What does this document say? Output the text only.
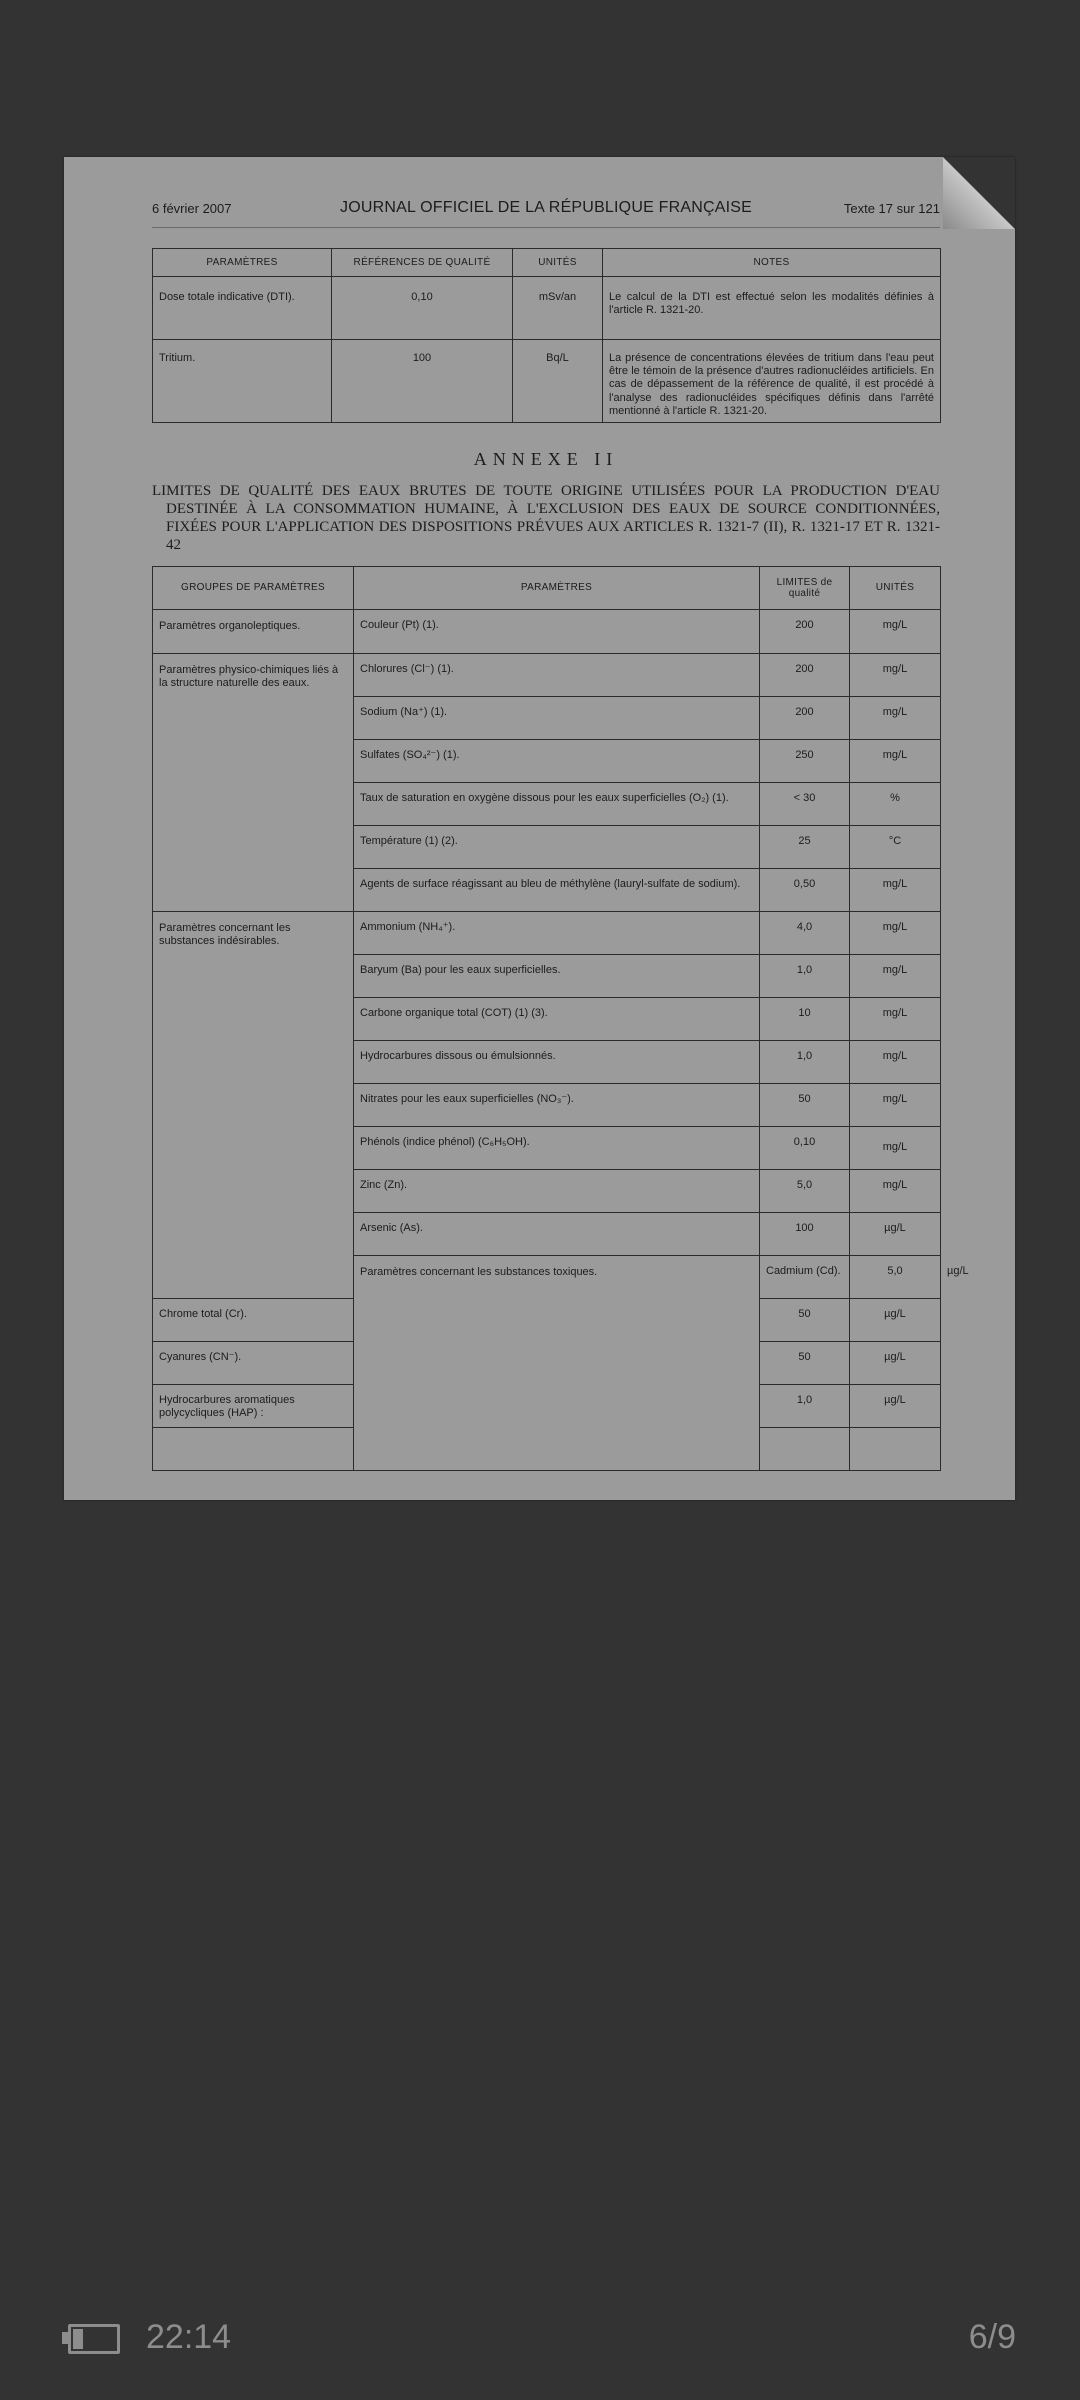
6 février 2007	JOURNAL OFFICIEL DE LA RÉPUBLIQUE FRANÇAISE	Texte 17 sur 121
PARAMÈTRES	RÉFÉRENCES DE QUALITÉ	UNITÉS	NOTES
Dose totale indicative (DTI).	0,10	mSv/an	Le calcul de la DTI est effectué selon les modalités définies à l'article R. 1321-20.
Tritium.	100	Bq/L	La présence de concentrations élevées de tritium dans l'eau peut être le témoin de la présence d'autres radionucléides artificiels. En cas de dépassement de la référence de qualité, il est procédé à l'analyse des radionucléides spécifiques définis dans l'arrêté mentionné à l'article R. 1321-20.
ANNEXE II
LIMITES DE QUALITÉ DES EAUX BRUTES DE TOUTE ORIGINE UTILISÉES POUR LA PRODUCTION D'EAU DESTINÉE À LA CONSOMMATION HUMAINE, À L'EXCLUSION DES EAUX DE SOURCE CONDITIONNÉES, FIXÉES POUR L'APPLICATION DES DISPOSITIONS PRÉVUES AUX ARTICLES R. 1321-7 (II), R. 1321-17 ET R. 1321-42
GROUPES DE PARAMÈTRES	PARAMÈTRES	LIMITES de qualité	UNITÉS	
Paramètres organoleptiques.	Couleur (Pt) (1).	200	mg/L	
Paramètres physico-chimiques liés à la structure naturelle des eaux.	Chlorures (Cl⁻) (1).	200	mg/L	
	Sodium (Na⁺) (1).	200	mg/L	
	Sulfates (SO₄²⁻) (1).	250	mg/L	
	Taux de saturation en oxygène dissous pour les eaux superficielles (O₂) (1).	< 30	%	
	Température (1) (2).	25	°C	
	Agents de surface réagissant au bleu de méthylène (lauryl-sulfate de sodium).	0,50	mg/L	
Paramètres concernant les substances indésirables.	Ammonium (NH₄⁺).	4,0	mg/L	
	Baryum (Ba) pour les eaux superficielles.	1,0	mg/L	
	Carbone organique total (COT) (1) (3).	10	mg/L	
	Hydrocarbures dissous ou émulsionnés.	1,0	mg/L	
	Nitrates pour les eaux superficielles (NO₃⁻).	50	mg/L	

	Phénols (indice phénol) (C₆H₅OH).	0,10	mg/L	
	Zinc (Zn).	5,0	mg/L	
	Arsenic (As).	100	µg/L	
	Paramètres concernant les substances toxiques.	Cadmium (Cd).	5,0	µg/L
Chrome total (Cr).		50	µg/L	
Cyanures (CN⁻).		50	µg/L	
Hydrocarbures aromatiques polycycliques (HAP) :		1,0	µg/L	

22:14	6/9
